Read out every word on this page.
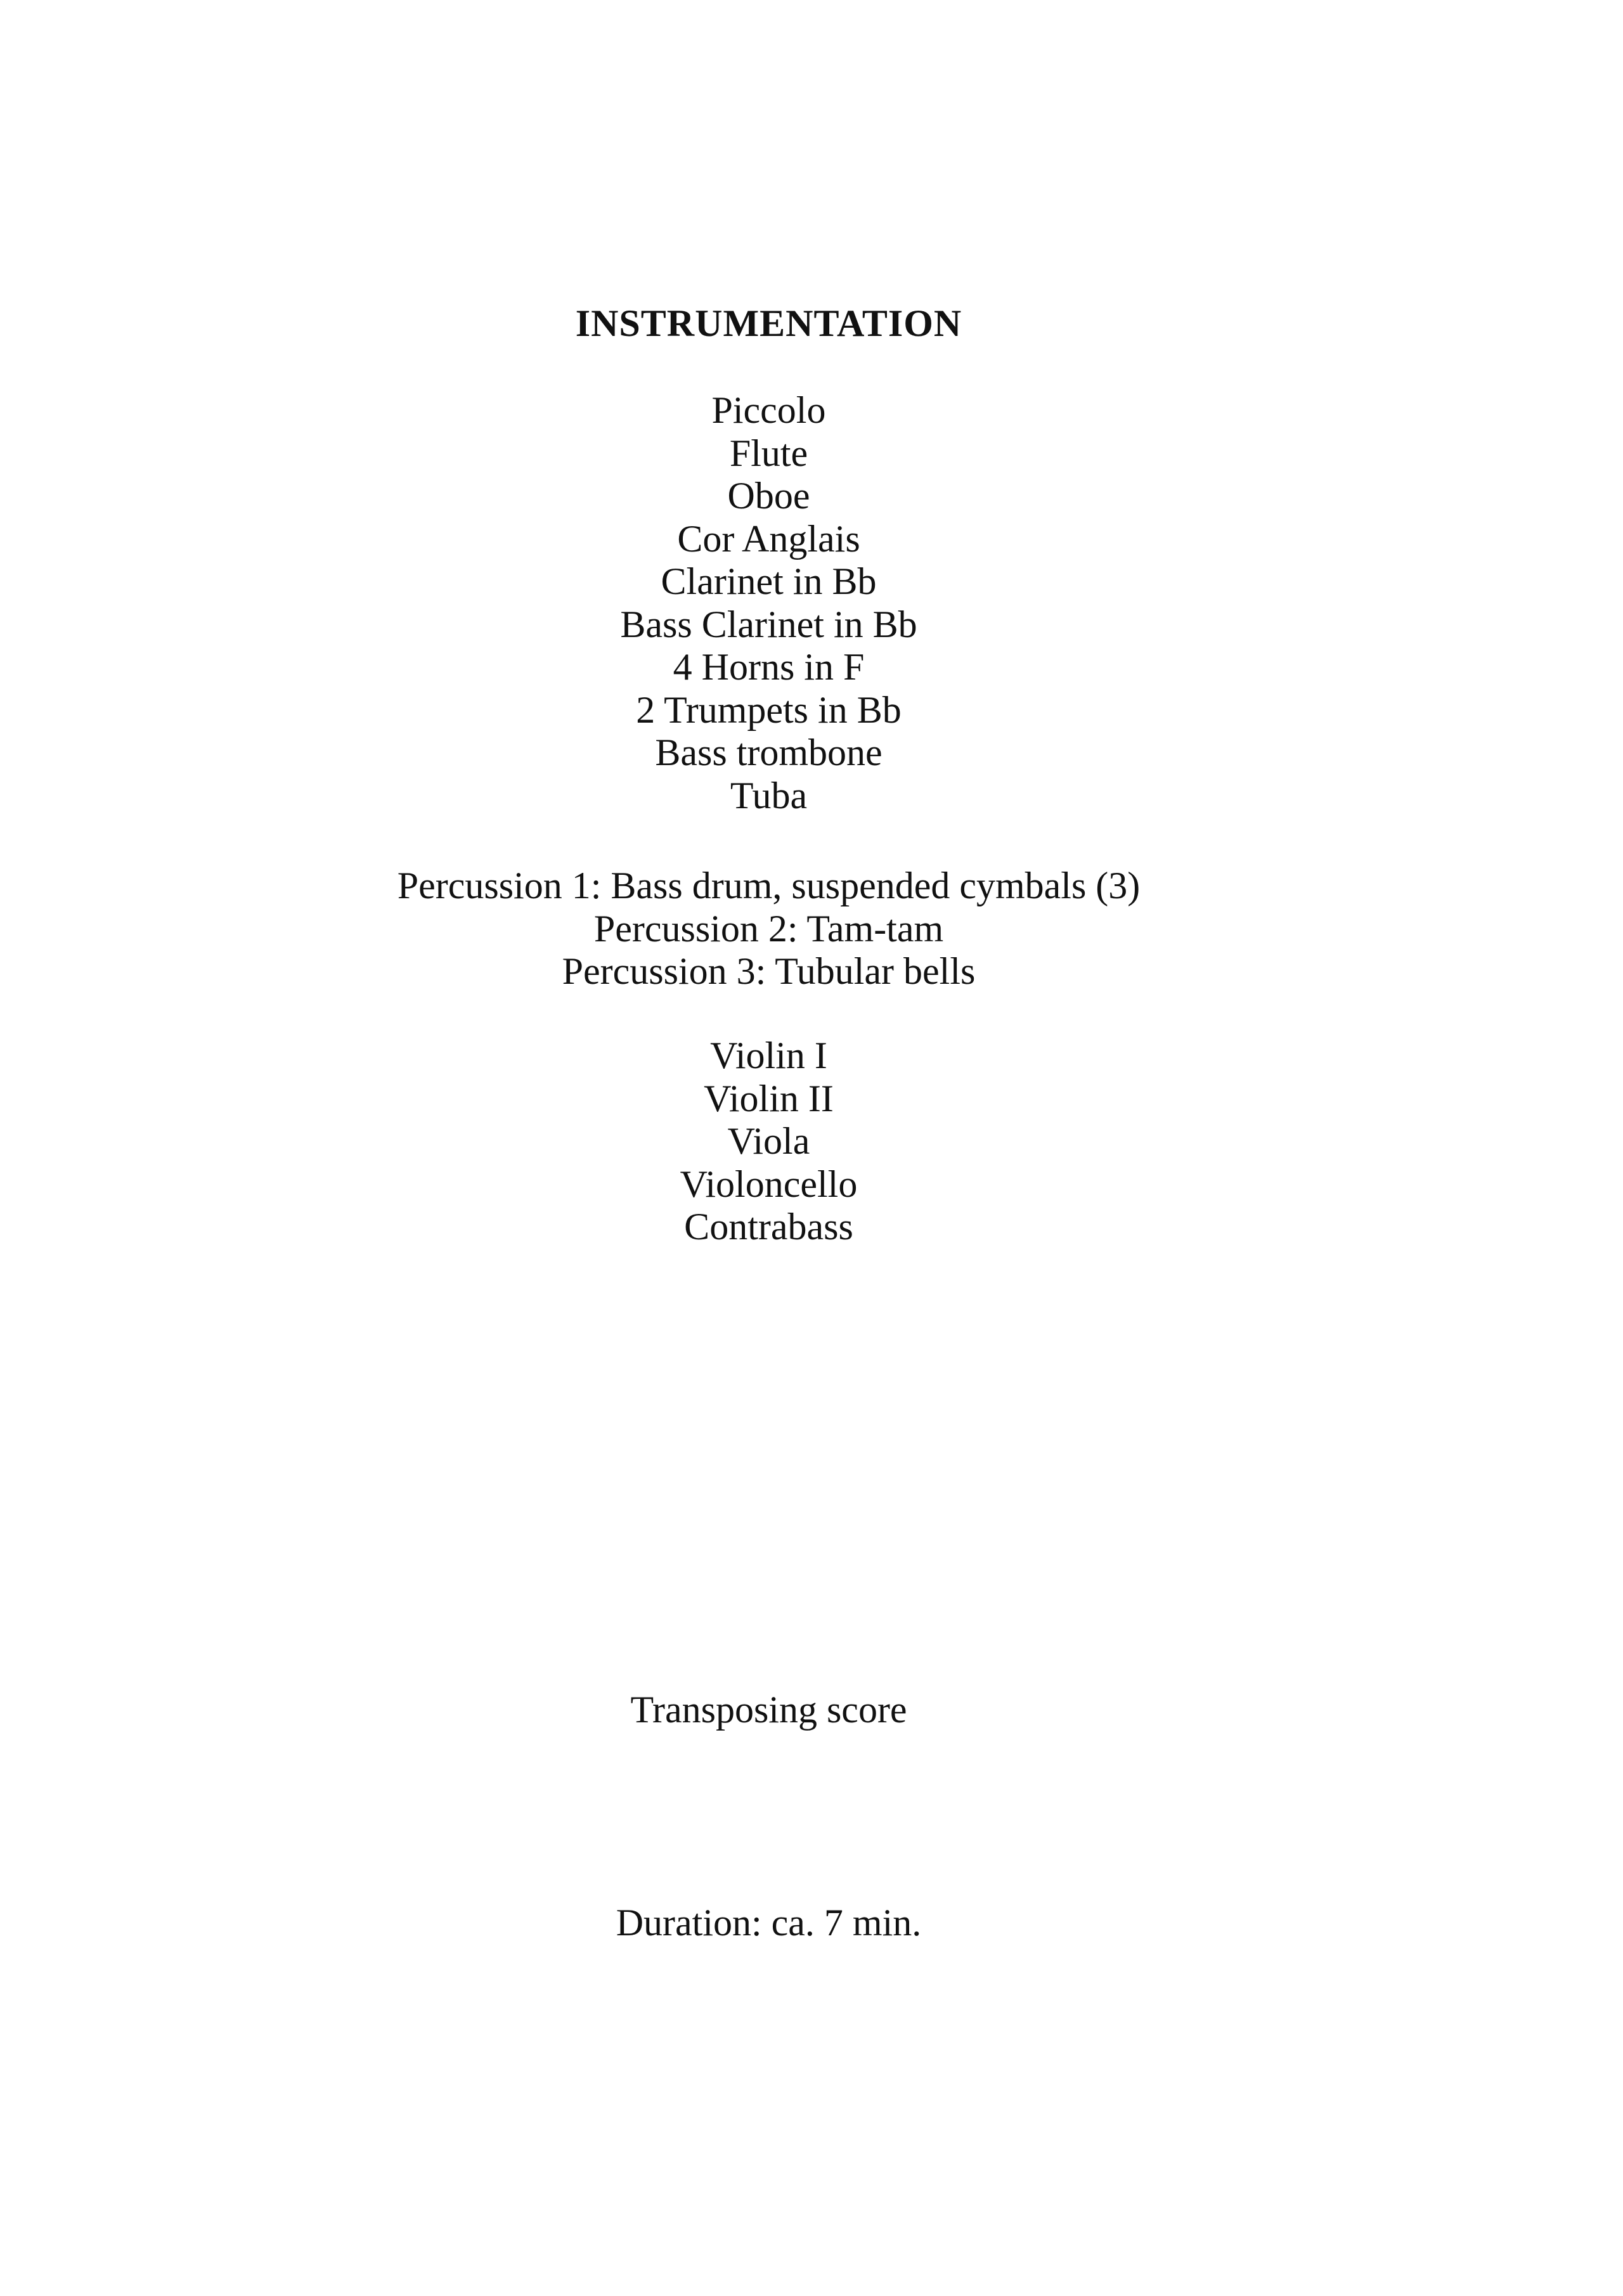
INSTRUMENTATION
Piccolo
Flute
Oboe
Cor Anglais
Clarinet in Bb
Bass Clarinet in Bb
4 Horns in F
2 Trumpets in Bb
Bass trombone
Tuba
Percussion 1: Bass drum, suspended cymbals (3)
Percussion 2: Tam-tam
Percussion 3: Tubular bells
Violin I
Violin II
Viola
Violoncello
Contrabass
Transposing score
Duration: ca. 7 min.
